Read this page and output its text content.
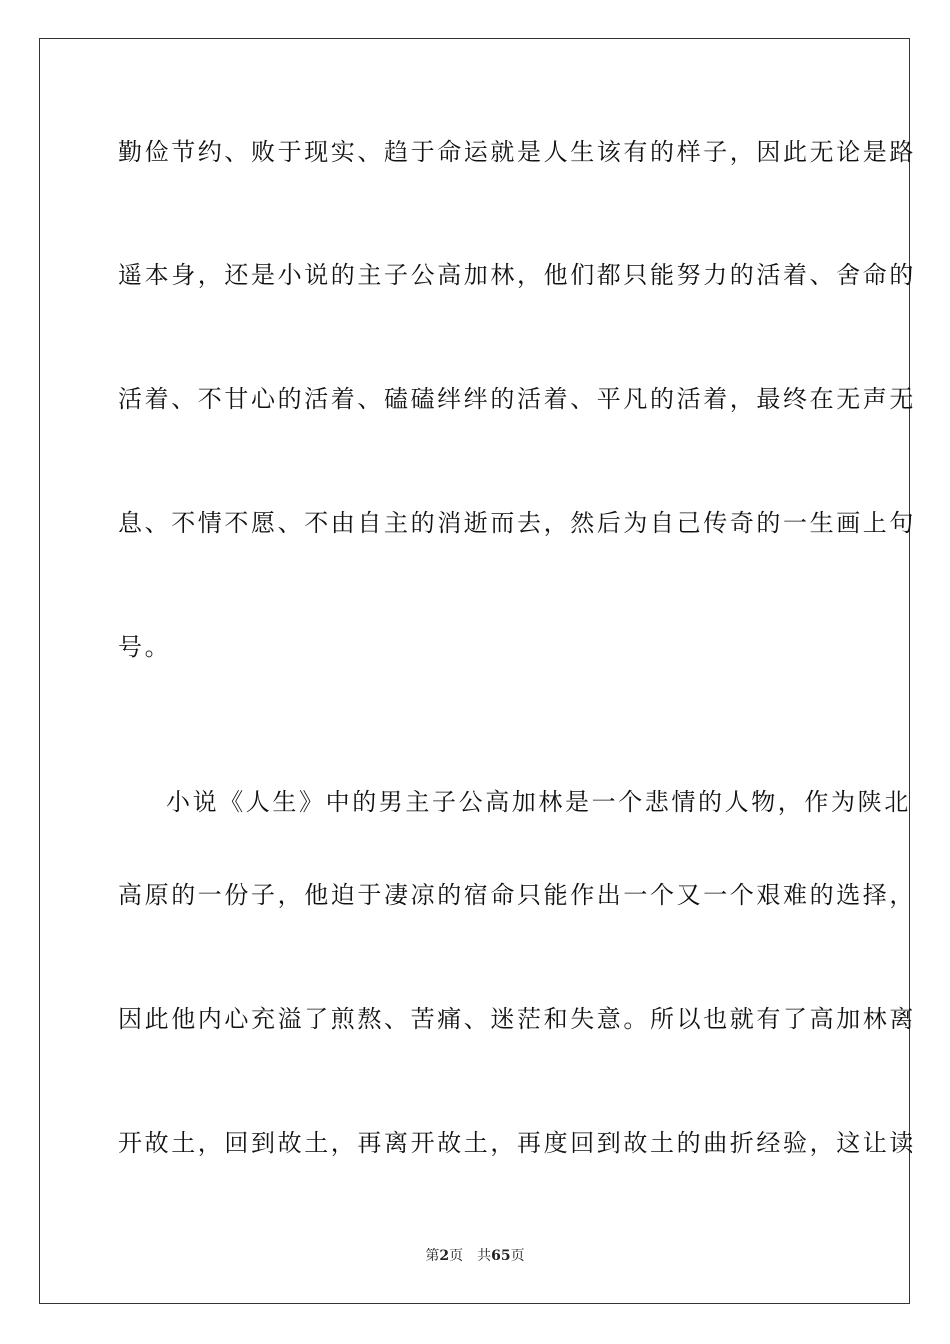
勤俭节约、败于现实、趋于命运就是人生该有的样子，因此无论是路
遥本身，还是小说的主子公高加林，他们都只能努力的活着、舍命的
活着、不甘心的活着、磕磕绊绊的活着、平凡的活着，最终在无声无
息、不情不愿、不由自主的消逝而去，然后为自己传奇的一生画上句
号。
小说《人生》中的男主子公高加林是一个悲情的人物，作为陕北
高原的一份子，他迫于凄凉的宿命只能作出一个又一个艰难的选择，
因此他内心充溢了煎熬、苦痛、迷茫和失意。所以也就有了高加林离
开故土，回到故土，再离开故土，再度回到故土的曲折经验，这让读
第2页 共65页
